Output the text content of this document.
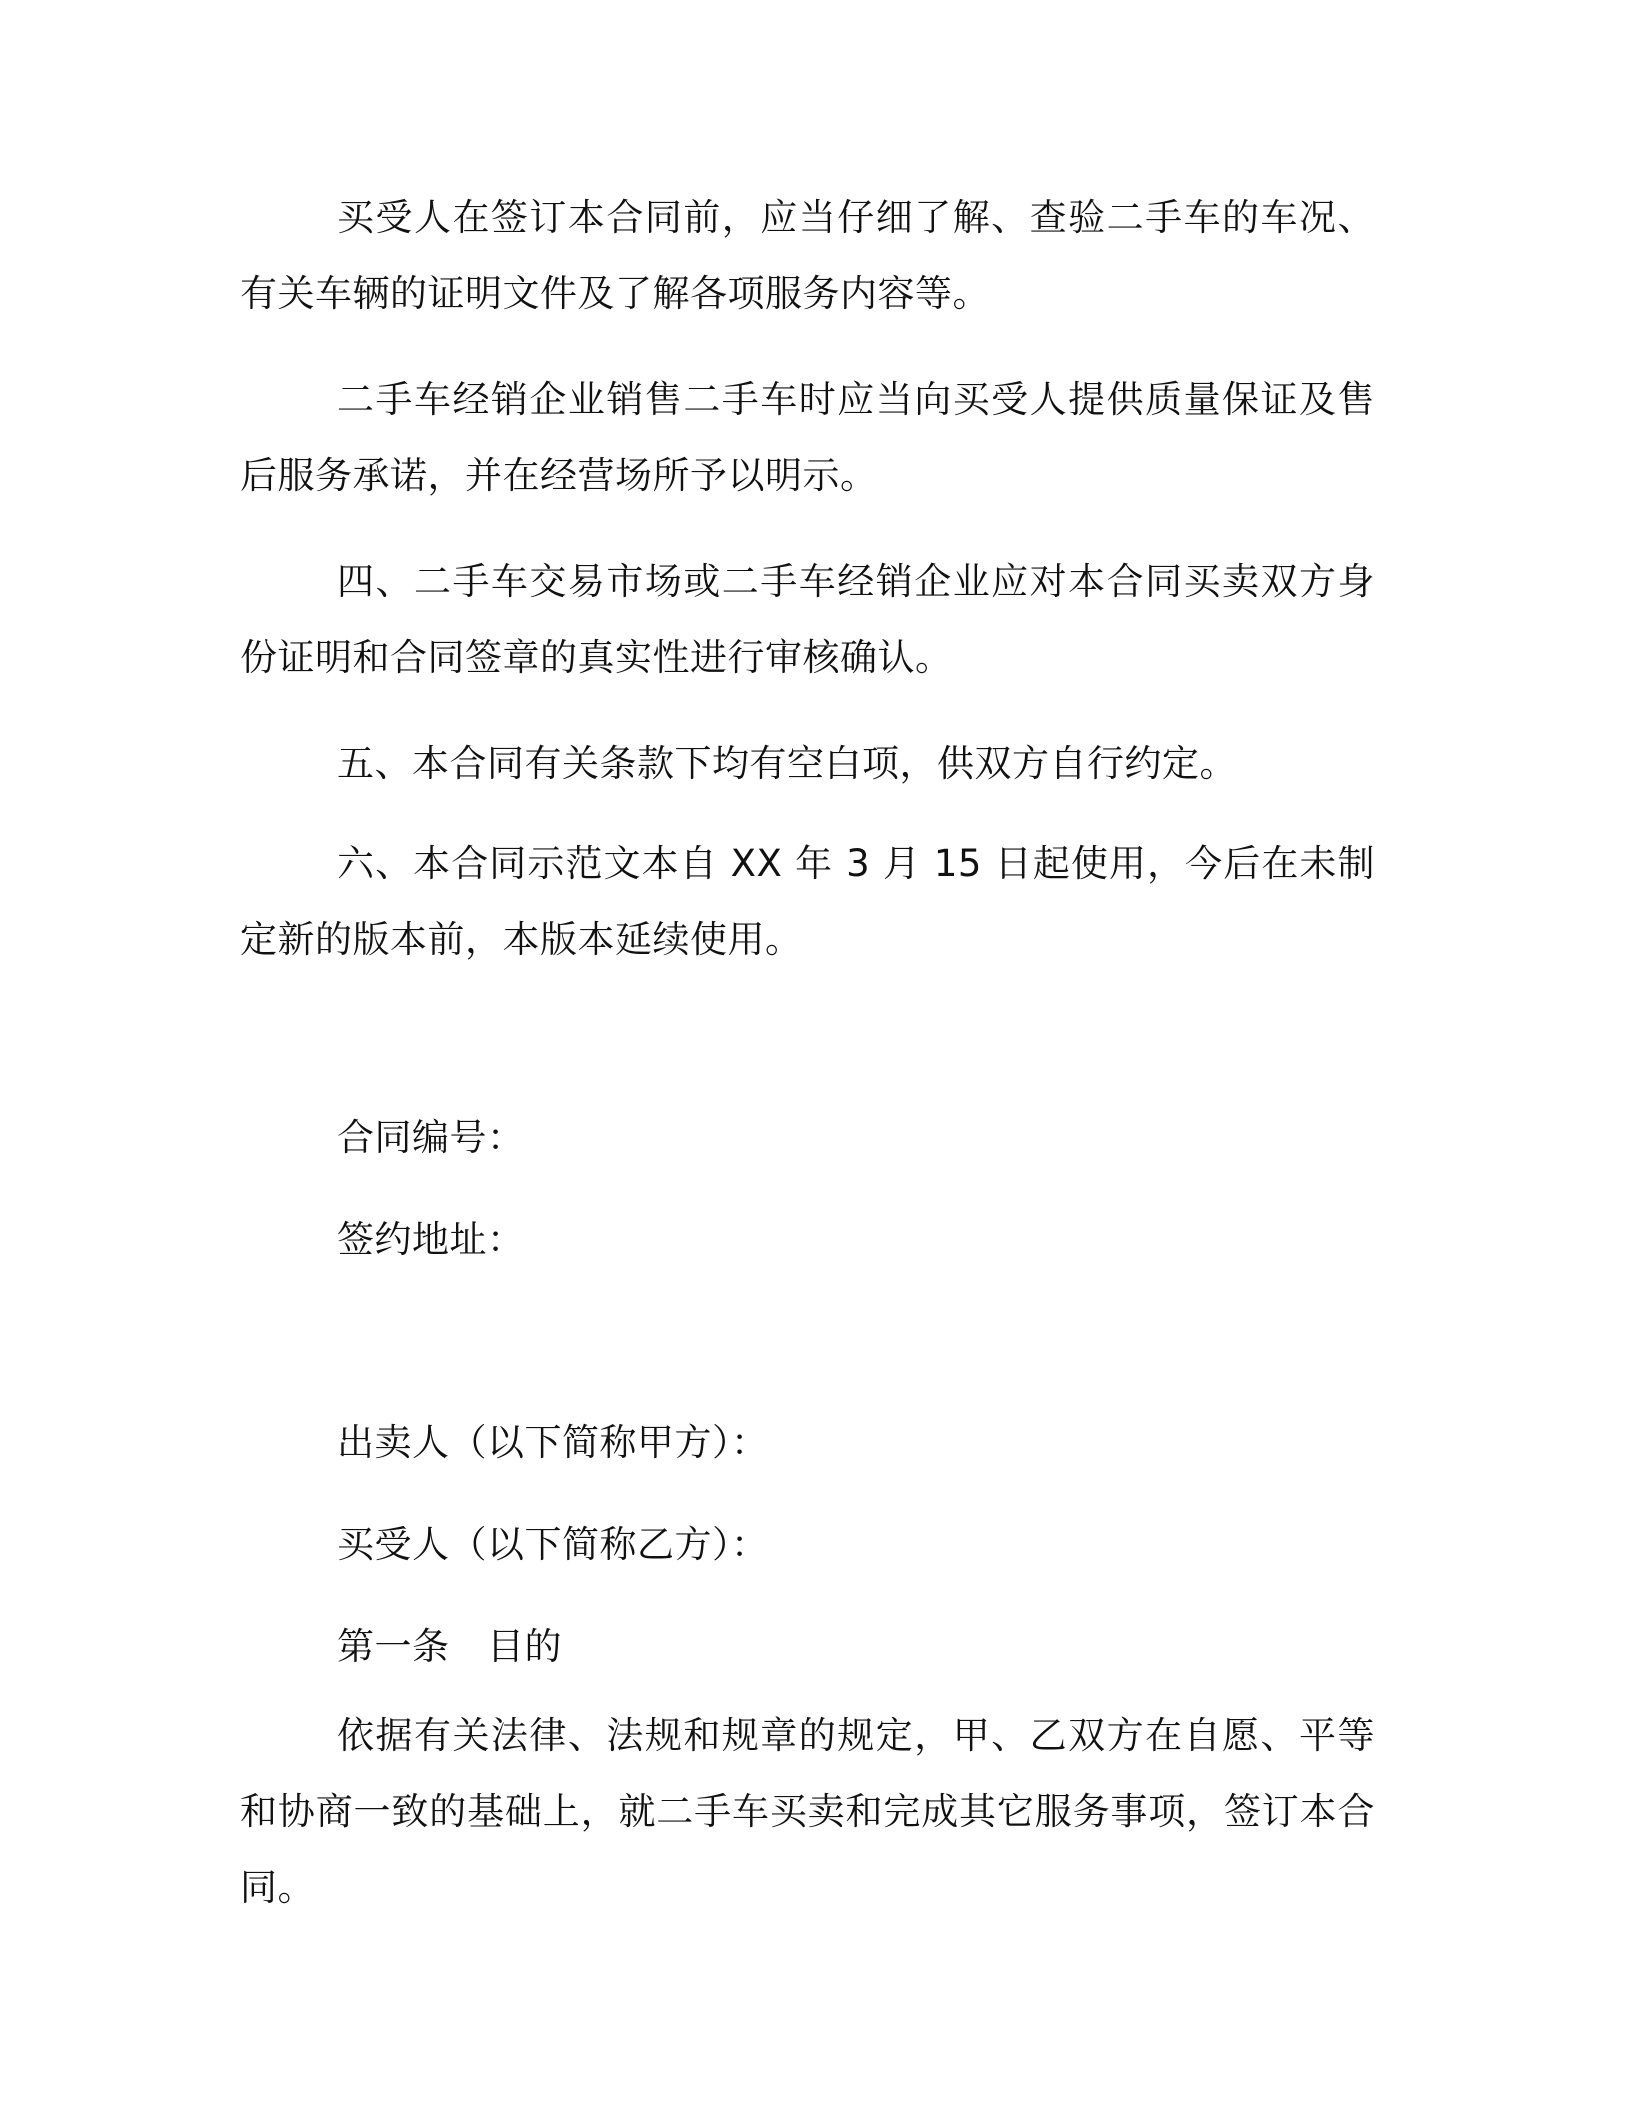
买受人在签订本合同前，应当仔细了解、查验二手车的车况、有关车辆的证明文件及了解各项服务内容等。

二手车经销企业销售二手车时应当向买受人提供质量保证及售后服务承诺，并在经营场所予以明示。

四、二手车交易市场或二手车经销企业应对本合同买卖双方身份证明和合同签章的真实性进行审核确认。

五、本合同有关条款下均有空白项，供双方自行约定。

六、本合同示范文本自 XX 年 3 月 15 日起使用，今后在未制定新的版本前，本版本延续使用。

合同编号：

签约地址：

出卖人（以下简称甲方）：

买受人（以下简称乙方）：

第一条　目的

依据有关法律、法规和规章的规定，甲、乙双方在自愿、平等和协商一致的基础上，就二手车买卖和完成其它服务事项，签订本合同。
